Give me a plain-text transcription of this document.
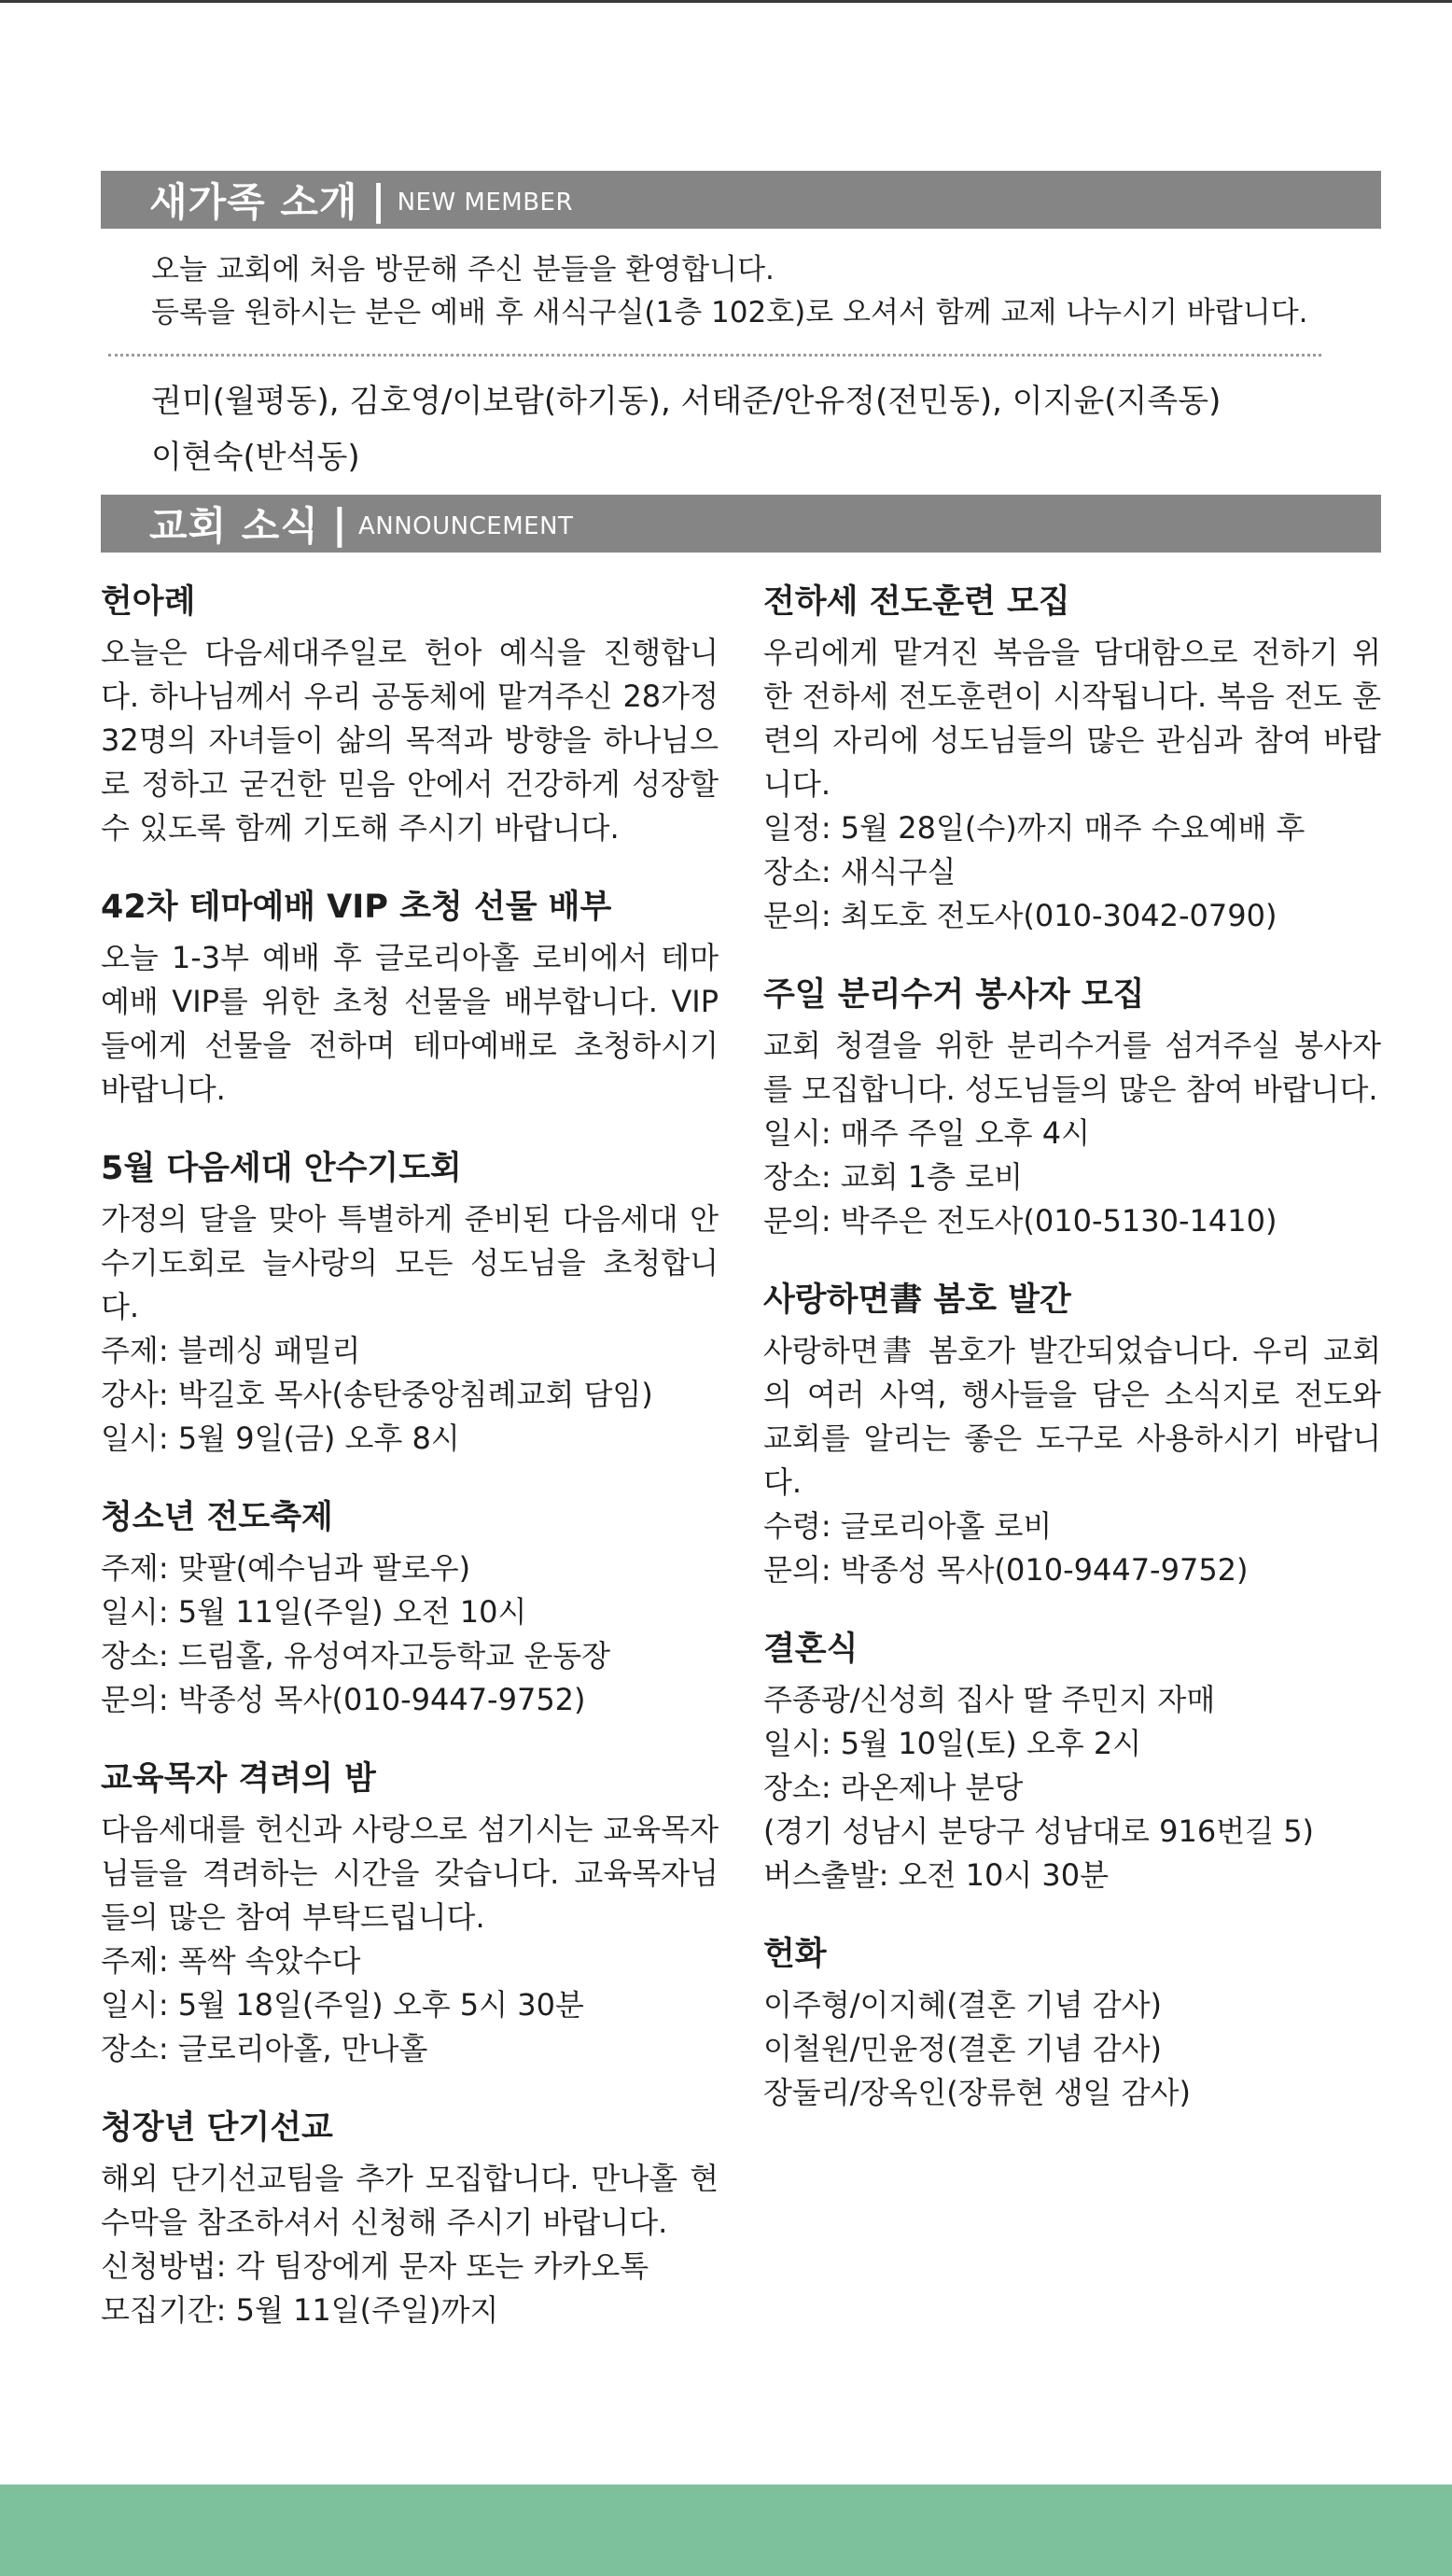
새가족 소개 | NEW MEMBER
오늘 교회에 처음 방문해 주신 분들을 환영합니다.
등록을 원하시는 분은 예배 후 새식구실(1층 102호)로 오셔서 함께 교제 나누시기 바랍니다.
권미(월평동), 김호영/이보람(하기동), 서태준/안유정(전민동), 이지윤(지족동)
이현숙(반석동)
교회 소식 | ANNOUNCEMENT
헌아례

오늘은 다음세대주일로 헌아 예식을 진행합니다. 하나님께서 우리 공동체에 맡겨주신 28가정 32명의 자녀들이 삶의 목적과 방향을 하나님으로 정하고 굳건한 믿음 안에서 건강하게 성장할 수 있도록 함께 기도해 주시기 바랍니다.

42차 테마예배 VIP 초청 선물 배부

오늘 1-3부 예배 후 글로리아홀 로비에서 테마예배 VIP를 위한 초청 선물을 배부합니다. VIP들에게 선물을 전하며 테마예배로 초청하시기 바랍니다.

5월 다음세대 안수기도회

가정의 달을 맞아 특별하게 준비된 다음세대 안수기도회로 늘사랑의 모든 성도님을 초청합니다.

주제: 블레싱 패밀리
강사: 박길호 목사(송탄중앙침례교회 담임)
일시: 5월 9일(금) 오후 8시
청소년 전도축제
주제: 맞팔(예수님과 팔로우)
일시: 5월 11일(주일) 오전 10시
장소: 드림홀, 유성여자고등학교 운동장
문의: 박종성 목사(010-9447-9752)
교육목자 격려의 밤

다음세대를 헌신과 사랑으로 섬기시는 교육목자님들을 격려하는 시간을 갖습니다. 교육목자님들의 많은 참여 부탁드립니다.

주제: 폭싹 속았수다
일시: 5월 18일(주일) 오후 5시 30분
장소: 글로리아홀, 만나홀
청장년 단기선교

해외 단기선교팀을 추가 모집합니다. 만나홀 현수막을 참조하셔서 신청해 주시기 바랍니다.

신청방법: 각 팀장에게 문자 또는 카카오톡
모집기간: 5월 11일(주일)까지
전하세 전도훈련 모집

우리에게 맡겨진 복음을 담대함으로 전하기 위한 전하세 전도훈련이 시작됩니다. 복음 전도 훈련의 자리에 성도님들의 많은 관심과 참여 바랍니다.

일정: 5월 28일(수)까지 매주 수요예배 후
장소: 새식구실
문의: 최도호 전도사(010-3042-0790)
주일 분리수거 봉사자 모집

교회 청결을 위한 분리수거를 섬겨주실 봉사자를 모집합니다. 성도님들의 많은 참여 바랍니다.

일시: 매주 주일 오후 4시
장소: 교회 1층 로비
문의: 박주은 전도사(010-5130-1410)
사랑하면書 봄호 발간

사랑하면書 봄호가 발간되었습니다. 우리 교회의 여러 사역, 행사들을 담은 소식지로 전도와 교회를 알리는 좋은 도구로 사용하시기 바랍니다.

수령: 글로리아홀 로비
문의: 박종성 목사(010-9447-9752)
결혼식
주종광/신성희 집사 딸 주민지 자매
일시: 5월 10일(토) 오후 2시
장소: 라온제나 분당
(경기 성남시 분당구 성남대로 916번길 5)
버스출발: 오전 10시 30분
헌화
이주형/이지혜(결혼 기념 감사)
이철원/민윤정(결혼 기념 감사)
장둘리/장옥인(장류현 생일 감사)
